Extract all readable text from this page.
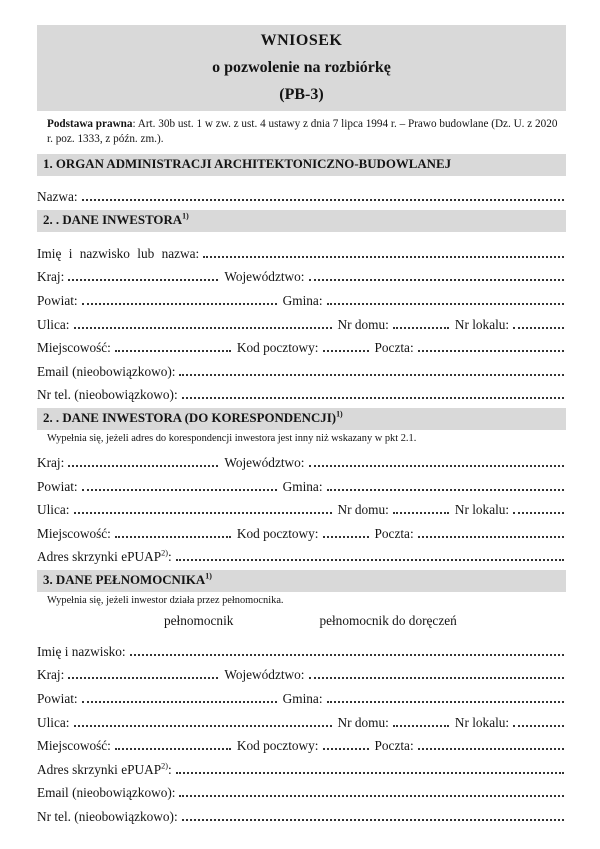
WNIOSEK
o pozwolenie na rozbiórkę
(PB-3)

Podstawa prawna: Art. 30b ust. 1 w zw. z ust. 4 ustawy z dnia 7 lipca 1994 r. – Prawo budowlane (Dz. U. z 2020 r. poz. 1333, z późn. zm.).

1. ORGAN ADMINISTRACJI ARCHITEKTONICZNO-BUDOWLANEJ
Nazwa:
2. . DANE INWESTORA$^{1)}$
Imię i nazwisko lub nazwa:
Kraj:	Województwo:
Powiat:	Gmina:
Ulica:	Nr domu:	Nr lokalu:
Miejscowość:	Kod pocztowy:	Poczta:
Email (nieobowiązkowo):
Nr tel. (nieobowiązkowo):
2. . DANE INWESTORA (DO KORESPONDENCJI)$^{1)}$
Wypełnia się, jeżeli adres do korespondencji inwestora jest inny niż wskazany w pkt 2.1.
Kraj:	Województwo:
Powiat:	Gmina:
Ulica:	Nr domu:	Nr lokalu:
Miejscowość:	Kod pocztowy:	Poczta:
Adres skrzynki ePUAP$^{2)}$:
3. DANE PEŁNOMOCNIKA$^{1)}$
Wypełnia się, jeżeli inwestor działa przez pełnomocnika.
pełnomocnik	pełnomocnik do doręczeń
Imię i nazwisko:
Kraj:	Województwo:
Powiat:	Gmina:
Ulica:	Nr domu:	Nr lokalu:
Miejscowość:	Kod pocztowy:	Poczta:
Adres skrzynki ePUAP$^{2)}$:
Email (nieobowiązkowo):
Nr tel. (nieobowiązkowo):
